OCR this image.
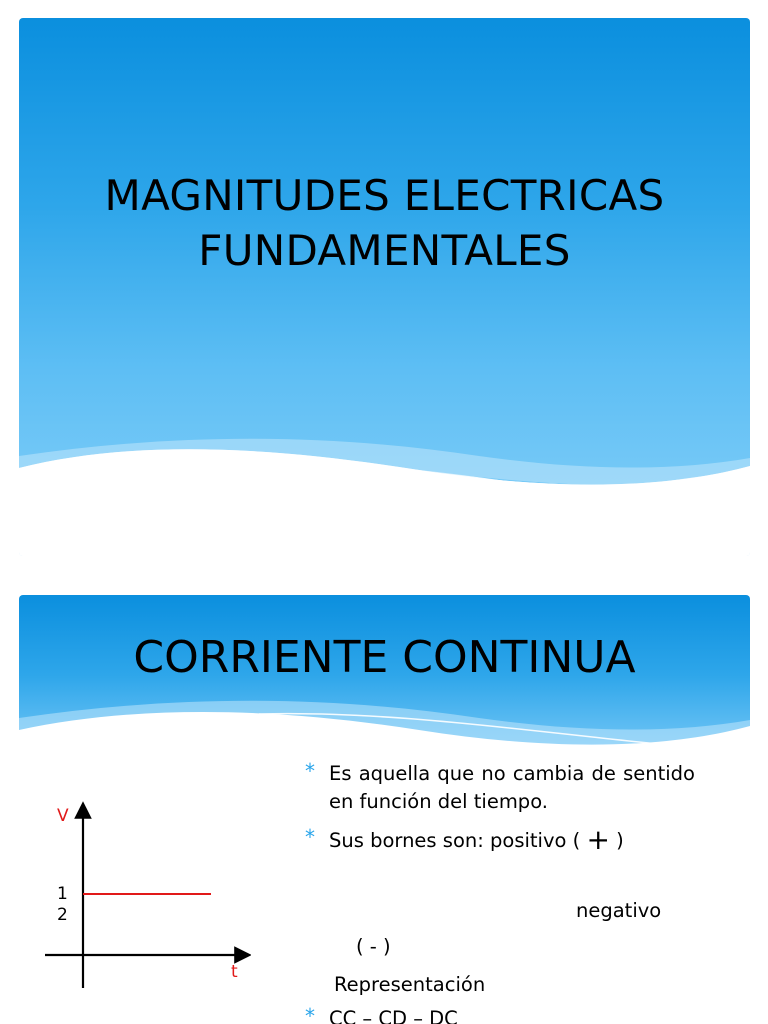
MAGNITUDES ELECTRICAS
FUNDAMENTALES
CORRIENTE CONTINUA
V
12
t
* Es aquella que no cambia de sentido en función del tiempo.
* Sus bornes son: positivo ( + )
negativo
( - )
Representación
* CC – CD – DC
